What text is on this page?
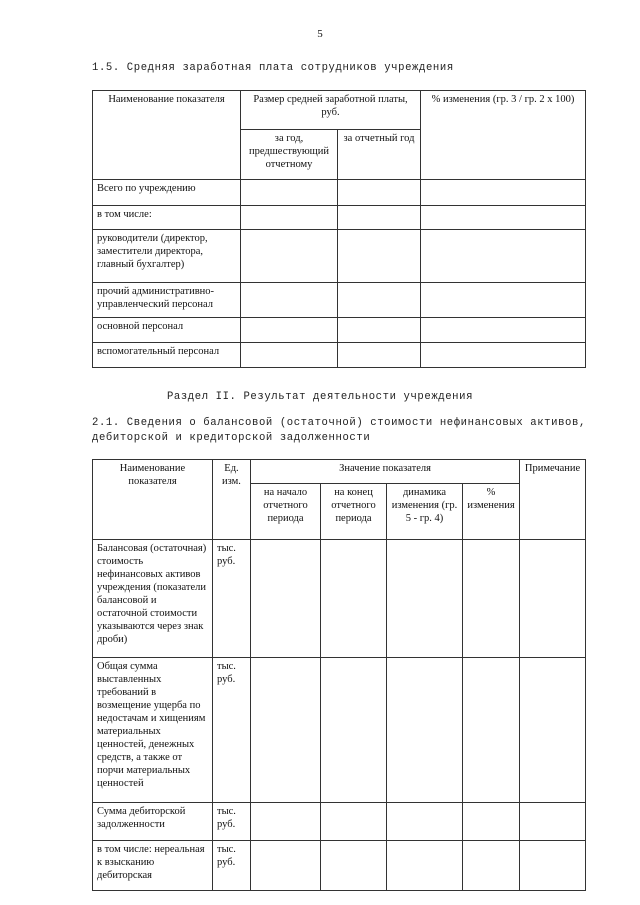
5
1.5. Средняя заработная плата сотрудников учреждения
Наименование показателя	Размер средней заработной платы, руб.		% изменения (гр. 3 / гр. 2 х 100)
	за год, предшествующий отчетному	за отчетный год	
Всего по учреждению			
в том числе:			
руководители (директор, заместители директора, главный бухгалтер)			
прочий административно-управленческий персонал			
основной персонал			
вспомогательный персонал			
Раздел II. Результат деятельности учреждения
2.1. Сведения о балансовой (остаточной) стоимости нефинансовых активов,
дебиторской и кредиторской задолженности
Наименование показателя	Ед. изм.	Значение показателя				Примечание
		на начало отчетного периода	на конец отчетного периода	динамика изменения (гр. 5 - гр. 4)	% изменения	
Балансовая (остаточная) стоимость нефинансовых активов учреждения (показатели балансовой и остаточной стоимости указываются через знак дроби)	тыс. руб.					
Общая сумма выставленных требований в возмещение ущерба по недостачам и хищениям материальных ценностей, денежных средств, а также от порчи материальных ценностей	тыс. руб.					
Сумма дебиторской задолженности	тыс. руб.					
в том числе: нереальная к взысканию дебиторская	тыс. руб.					
